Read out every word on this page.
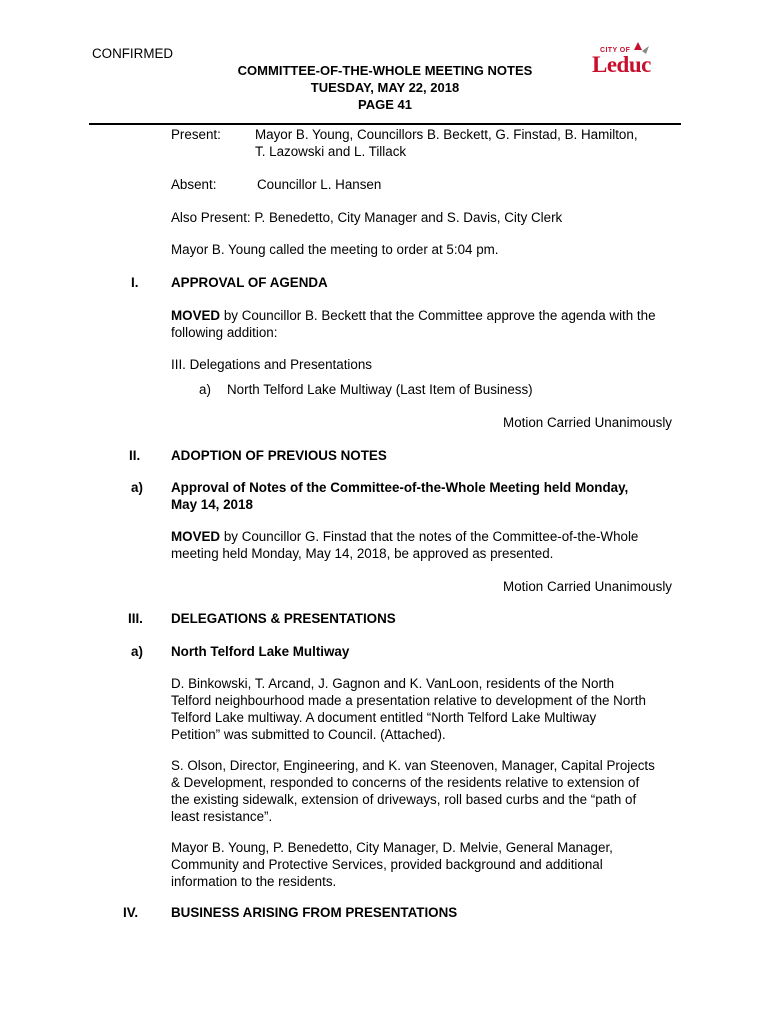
CONFIRMED	CITY OF
Leduc
COMMITTEE-OF-THE-WHOLE MEETING NOTES
TUESDAY, MAY 22, 2018
PAGE 41
Present:	Mayor B. Young, Councillors B. Beckett, G. Finstad, B. Hamilton,
T. Lazowski and L. Tillack
Absent:	Councillor L. Hansen
Also Present: P. Benedetto, City Manager and S. Davis, City Clerk
Mayor B. Young called the meeting to order at 5:04 pm.
I. APPROVAL OF AGENDA
MOVED by Councillor B. Beckett that the Committee approve the agenda with the
following addition:
III. Delegations and Presentations
a) North Telford Lake Multiway (Last Item of Business)
Motion Carried Unanimously
II. ADOPTION OF PREVIOUS NOTES
a) Approval of Notes of the Committee-of-the-Whole Meeting held Monday,
May 14, 2018
MOVED by Councillor G. Finstad that the notes of the Committee-of-the-Whole
meeting held Monday, May 14, 2018, be approved as presented.
Motion Carried Unanimously
III. DELEGATIONS & PRESENTATIONS
a) North Telford Lake Multiway
D. Binkowski, T. Arcand, J. Gagnon and K. VanLoon, residents of the North
Telford neighbourhood made a presentation relative to development of the North
Telford Lake multiway. A document entitled “North Telford Lake Multiway
Petition” was submitted to Council. (Attached).
S. Olson, Director, Engineering, and K. van Steenoven, Manager, Capital Projects
& Development, responded to concerns of the residents relative to extension of
the existing sidewalk, extension of driveways, roll based curbs and the “path of
least resistance”.
Mayor B. Young, P. Benedetto, City Manager, D. Melvie, General Manager,
Community and Protective Services, provided background and additional
information to the residents.
IV. BUSINESS ARISING FROM PRESENTATIONS
